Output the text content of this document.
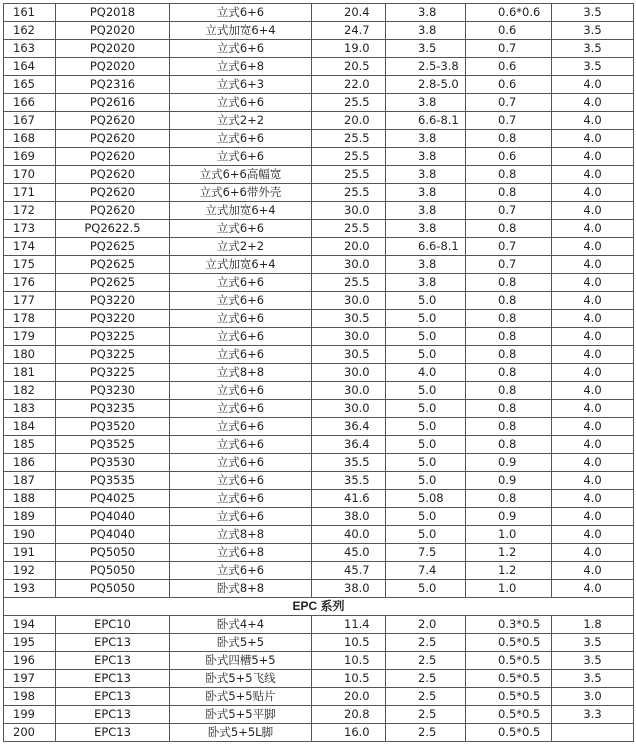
161	PQ2018	立式6+6	20.4	3.8	0.6*0.6	3.5
162	PQ2020	立式加宽6+4	24.7	3.8	0.6	3.5
163	PQ2020	立式6+6	19.0	3.5	0.7	3.5
164	PQ2020	立式6+8	20.5	2.5-3.8	0.6	3.5
165	PQ2316	立式6+3	22.0	2.8-5.0	0.6	4.0
166	PQ2616	立式6+6	25.5	3.8	0.7	4.0
167	PQ2620	立式2+2	20.0	6.6-8.1	0.7	4.0
168	PQ2620	立式6+6	25.5	3.8	0.8	4.0
169	PQ2620	立式6+6	25.5	3.8	0.6	4.0
170	PQ2620	立式6+6高幅宽	25.5	3.8	0.8	4.0
171	PQ2620	立式6+6带外壳	25.5	3.8	0.8	4.0
172	PQ2620	立式加宽6+4	30.0	3.8	0.7	4.0
173	PQ2622.5	立式6+6	25.5	3.8	0.8	4.0
174	PQ2625	立式2+2	20.0	6.6-8.1	0.7	4.0
175	PQ2625	立式加宽6+4	30.0	3.8	0.7	4.0
176	PQ2625	立式6+6	25.5	3.8	0.8	4.0
177	PQ3220	立式6+6	30.0	5.0	0.8	4.0
178	PQ3220	立式6+6	30.5	5.0	0.8	4.0
179	PQ3225	立式6+6	30.0	5.0	0.8	4.0
180	PQ3225	立式6+6	30.5	5.0	0.8	4.0
181	PQ3225	立式8+8	30.0	4.0	0.8	4.0
182	PQ3230	立式6+6	30.0	5.0	0.8	4.0
183	PQ3235	立式6+6	30.0	5.0	0.8	4.0
184	PQ3520	立式6+6	36.4	5.0	0.8	4.0
185	PQ3525	立式6+6	36.4	5.0	0.8	4.0
186	PQ3530	立式6+6	35.5	5.0	0.9	4.0
187	PQ3535	立式6+6	35.5	5.0	0.9	4.0
188	PQ4025	立式6+6	41.6	5.08	0.8	4.0
189	PQ4040	立式6+6	38.0	5.0	0.9	4.0
190	PQ4040	立式8+8	40.0	5.0	1.0	4.0
191	PQ5050	立式6+8	45.0	7.5	1.2	4.0
192	PQ5050	立式6+6	45.7	7.4	1.2	4.0
193	PQ5050	卧式8+8	38.0	5.0	1.0	4.0
EPC 系列						
194	EPC10	卧式4+4	11.4	2.0	0.3*0.5	1.8
195	EPC13	卧式5+5	10.5	2.5	0.5*0.5	3.5
196	EPC13	卧式四槽5+5	10.5	2.5	0.5*0.5	3.5
197	EPC13	卧式5+5飞线	10.5	2.5	0.5*0.5	3.5
198	EPC13	卧式5+5贴片	20.0	2.5	0.5*0.5	3.0
199	EPC13	卧式5+5平脚	20.8	2.5	0.5*0.5	3.3
200	EPC13	卧式5+5L脚	16.0	2.5	0.5*0.5	
